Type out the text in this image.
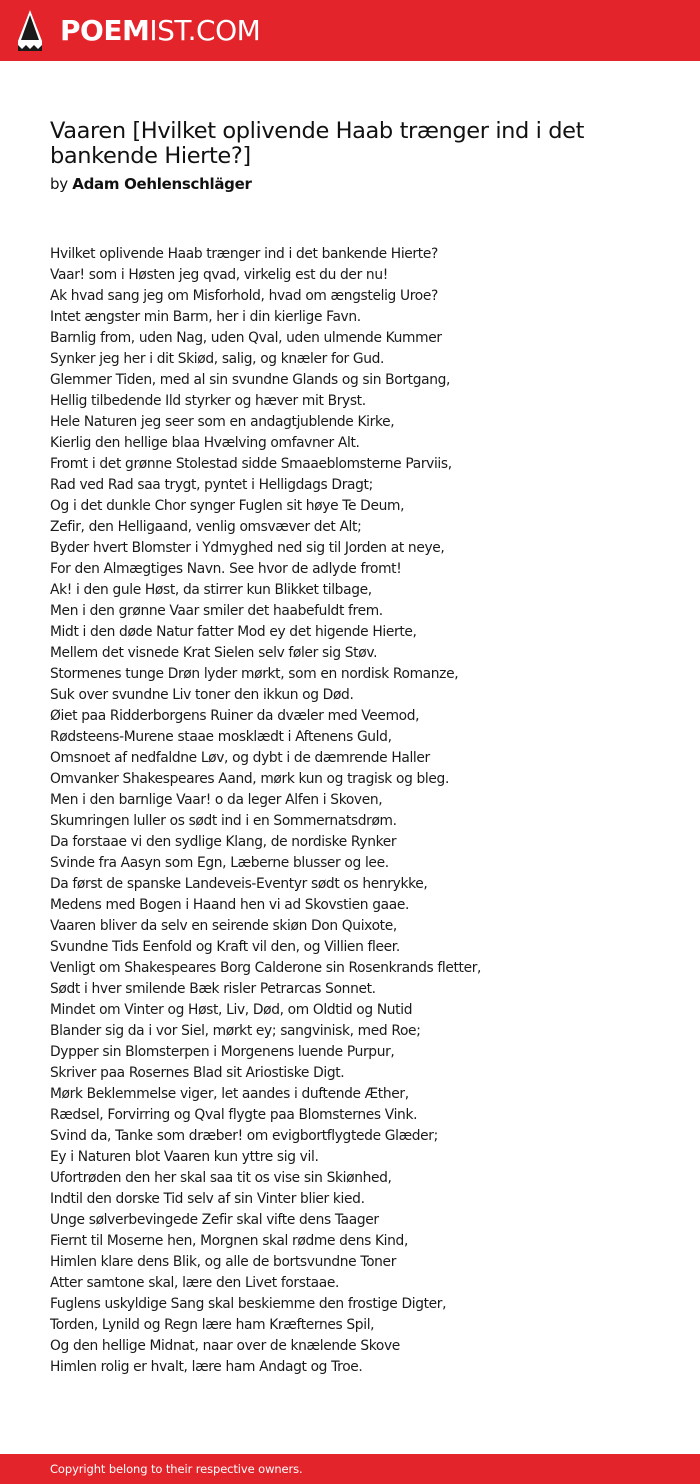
POEMIST.COM
Vaaren [Hvilket oplivende Haab trænger ind i det bankende Hierte?]
by Adam Oehlenschläger
Hvilket oplivende Haab trænger ind i det bankende Hierte?
Vaar! som i Høsten jeg qvad, virkelig est du der nu!
Ak hvad sang jeg om Misforhold, hvad om ængstelig Uroe?
Intet ængster min Barm, her i din kierlige Favn.
Barnlig from, uden Nag, uden Qval, uden ulmende Kummer
Synker jeg her i dit Skiød, salig, og knæler for Gud.
Glemmer Tiden, med al sin svundne Glands og sin Bortgang,
Hellig tilbedende Ild styrker og hæver mit Bryst.
Hele Naturen jeg seer som en andagtjublende Kirke,
Kierlig den hellige blaa Hvælving omfavner Alt.
Fromt i det grønne Stolestad sidde Smaaeblomsterne Parviis,
Rad ved Rad saa trygt, pyntet i Helligdags Dragt;
Og i det dunkle Chor synger Fuglen sit høye Te Deum,
Zefir, den Helligaand, venlig omsvæver det Alt;
Byder hvert Blomster i Ydmyghed ned sig til Jorden at neye,
For den Almægtiges Navn. See hvor de adlyde fromt!
Ak! i den gule Høst, da stirrer kun Blikket tilbage,
Men i den grønne Vaar smiler det haabefuldt frem.
Midt i den døde Natur fatter Mod ey det higende Hierte,
Mellem det visnede Krat Sielen selv føler sig Støv.
Stormenes tunge Drøn lyder mørkt, som en nordisk Romanze,
Suk over svundne Liv toner den ikkun og Død.
Øiet paa Ridderborgens Ruiner da dvæler med Veemod,
Rødsteens-Murene staae mosklædt i Aftenens Guld,
Omsnoet af nedfaldne Løv, og dybt i de dæmrende Haller
Omvanker Shakespeares Aand, mørk kun og tragisk og bleg.
Men i den barnlige Vaar! o da leger Alfen i Skoven,
Skumringen luller os sødt ind i en Sommernatsdrøm.
Da forstaae vi den sydlige Klang, de nordiske Rynker
Svinde fra Aasyn som Egn, Læberne blusser og lee.
Da først de spanske Landeveis-Eventyr sødt os henrykke,
Medens med Bogen i Haand hen vi ad Skovstien gaae.
Vaaren bliver da selv en seirende skiøn Don Quixote,
Svundne Tids Eenfold og Kraft vil den, og Villien fleer.
Venligt om Shakespeares Borg Calderone sin Rosenkrands fletter,
Sødt i hver smilende Bæk risler Petrarcas Sonnet.
Mindet om Vinter og Høst, Liv, Død, om Oldtid og Nutid
Blander sig da i vor Siel, mørkt ey; sangvinisk, med Roe;
Dypper sin Blomsterpen i Morgenens luende Purpur,
Skriver paa Rosernes Blad sit Ariostiske Digt.
Mørk Beklemmelse viger, let aandes i duftende Æther,
Rædsel, Forvirring og Qval flygte paa Blomsternes Vink.
Svind da, Tanke som dræber! om evigbortflygtede Glæder;
Ey i Naturen blot Vaaren kun yttre sig vil.
Ufortrøden den her skal saa tit os vise sin Skiønhed,
Indtil den dorske Tid selv af sin Vinter blier kied.
Unge sølverbevingede Zefir skal vifte dens Taager
Fiernt til Moserne hen, Morgnen skal rødme dens Kind,
Himlen klare dens Blik, og alle de bortsvundne Toner
Atter samtone skal, lære den Livet forstaae.
Fuglens uskyldige Sang skal beskiemme den frostige Digter,
Torden, Lynild og Regn lære ham Kræfternes Spil,
Og den hellige Midnat, naar over de knælende Skove
Himlen rolig er hvalt, lære ham Andagt og Troe.
Copyright belong to their respective owners.
